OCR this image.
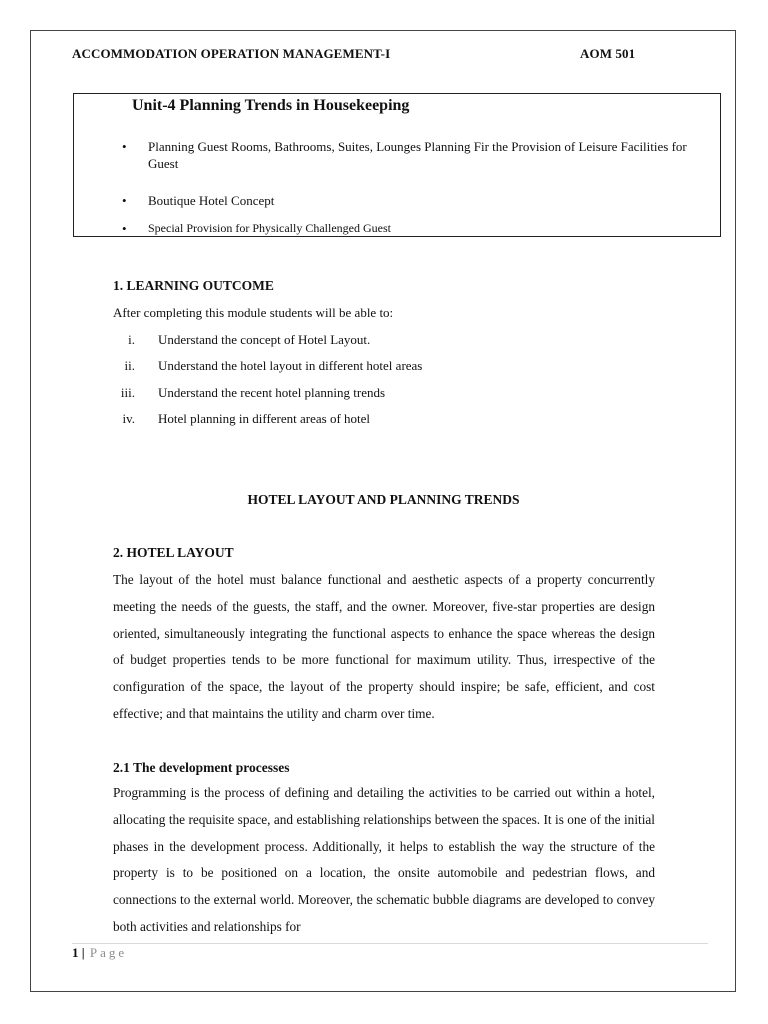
ACCOMMODATION OPERATION MANAGEMENT-I	AOM 501
Unit-4 Planning Trends in Housekeeping
•	Planning Guest Rooms, Bathrooms, Suites, Lounges Planning Fir the Provision of Leisure Facilities for Guest
•	Boutique Hotel Concept
•	Special Provision for Physically Challenged Guest
1. LEARNING OUTCOME
After completing this module students will be able to:
i. Understand the concept of Hotel Layout.
ii. Understand the hotel layout in different hotel areas
iii. Understand the recent hotel planning trends
iv. Hotel planning in different areas of hotel
HOTEL LAYOUT AND PLANNING TRENDS
2. HOTEL LAYOUT

The layout of the hotel must balance functional and aesthetic aspects of a property concurrently meeting the needs of the guests, the staff, and the owner. Moreover, five-star properties are design oriented, simultaneously integrating the functional aspects to enhance the space whereas the design of budget properties tends to be more functional for maximum utility. Thus, irrespective of the configuration of the space, the layout of the property should inspire; be safe, efficient, and cost effective; and that maintains the utility and charm over time.

2.1 The development processes

Programming is the process of defining and detailing the activities to be carried out within a hotel, allocating the requisite space, and establishing relationships between the spaces. It is one of the initial phases in the development process. Additionally, it helps to establish the way the structure of the property is to be positioned on a location, the onsite automobile and pedestrian flows, and connections to the external world. Moreover, the schematic bubble diagrams are developed to convey both activities and relationships for

1 | Page
